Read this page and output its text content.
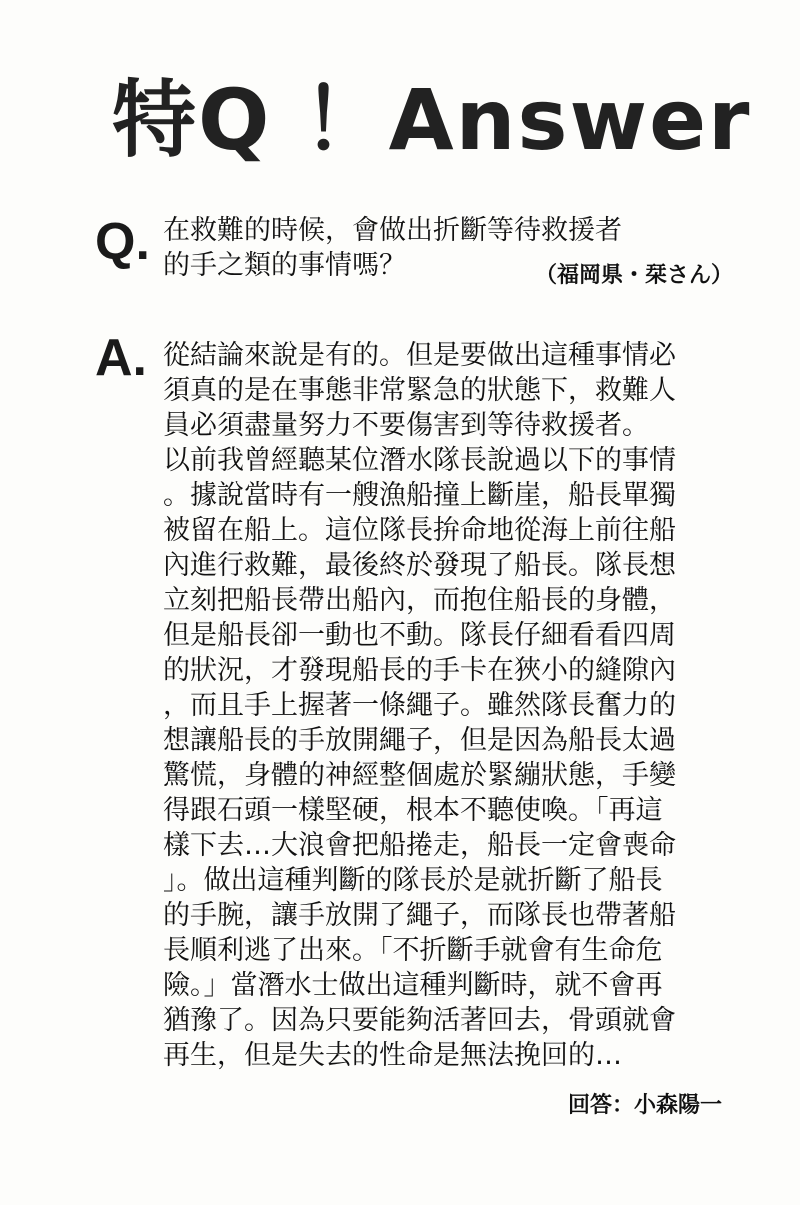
特Q ！Answer
Q. 在救難的時候，會做出折斷等待救援者
的手之類的事情嗎？	（福岡県・栞さん）
A. 從結論來說是有的。但是要做出這種事情必
須真的是在事態非常緊急的狀態下，救難人
員必須盡量努力不要傷害到等待救援者。
以前我曾經聽某位潛水隊長說過以下的事情
。據說當時有一艘漁船撞上斷崖，船長單獨
被留在船上。這位隊長拚命地從海上前往船
內進行救難，最後終於發現了船長。隊長想
立刻把船長帶出船內，而抱住船長的身體，
但是船長卻一動也不動。隊長仔細看看四周
的狀況，才發現船長的手卡在狹小的縫隙內
，而且手上握著一條繩子。雖然隊長奮力的
想讓船長的手放開繩子，但是因為船長太過
驚慌，身體的神經整個處於緊繃狀態，手變
得跟石頭一樣堅硬，根本不聽使喚。「再這
樣下去…大浪會把船捲走，船長一定會喪命
」。做出這種判斷的隊長於是就折斷了船長
的手腕，讓手放開了繩子，而隊長也帶著船
長順利逃了出來。「不折斷手就會有生命危
險。」當潛水士做出這種判斷時，就不會再
猶豫了。因為只要能夠活著回去，骨頭就會
再生，但是失去的性命是無法挽回的…
回答：小森陽一
